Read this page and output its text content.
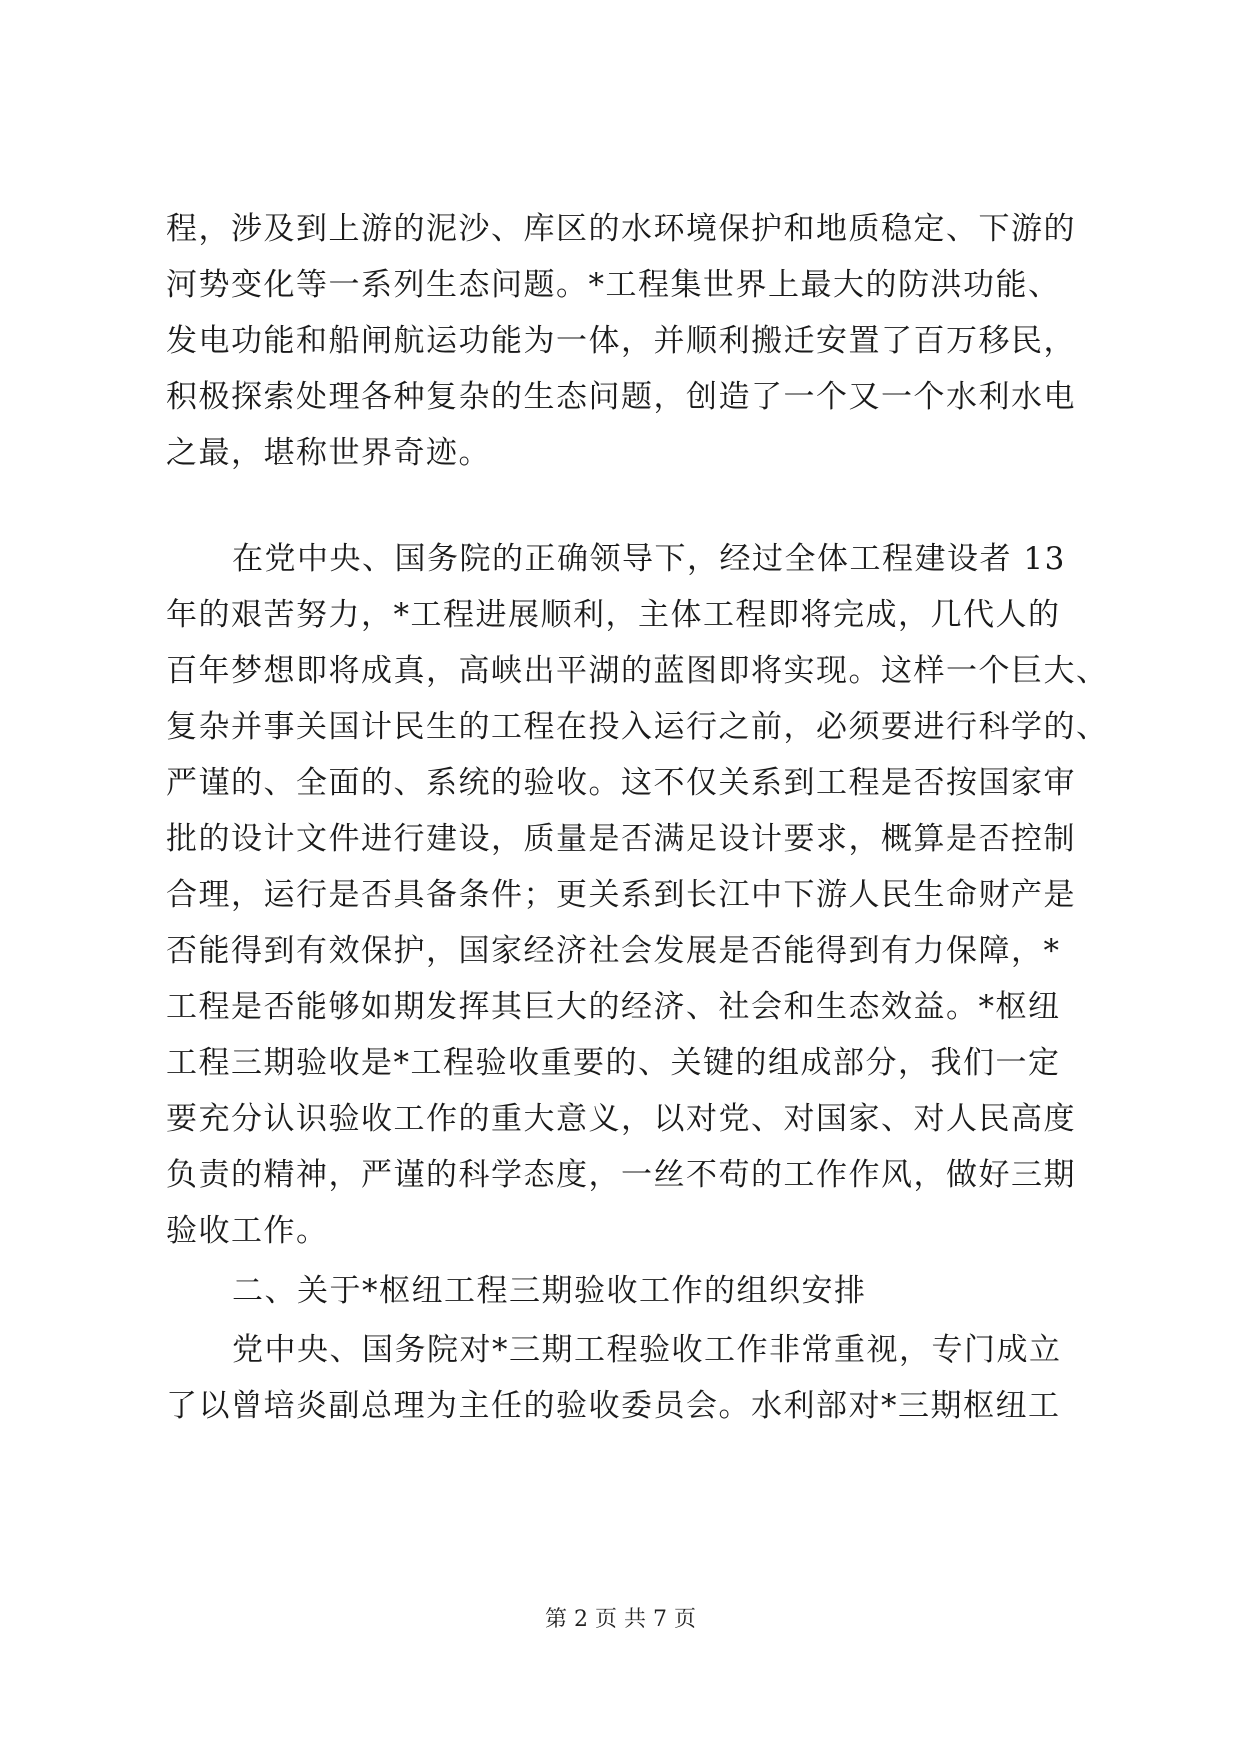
程，涉及到上游的泥沙、库区的水环境保护和地质稳定、下游的
河势变化等一系列生态问题。*工程集世界上最大的防洪功能、
发电功能和船闸航运功能为一体，并顺利搬迁安置了百万移民，
积极探索处理各种复杂的生态问题，创造了一个又一个水利水电
之最，堪称世界奇迹。
在党中央、国务院的正确领导下，经过全体工程建设者 13
年的艰苦努力，*工程进展顺利，主体工程即将完成，几代人的
百年梦想即将成真，高峡出平湖的蓝图即将实现。这样一个巨大、
复杂并事关国计民生的工程在投入运行之前，必须要进行科学的、
严谨的、全面的、系统的验收。这不仅关系到工程是否按国家审
批的设计文件进行建设，质量是否满足设计要求，概算是否控制
合理，运行是否具备条件；更关系到长江中下游人民生命财产是
否能得到有效保护，国家经济社会发展是否能得到有力保障，*
工程是否能够如期发挥其巨大的经济、社会和生态效益。*枢纽
工程三期验收是*工程验收重要的、关键的组成部分，我们一定
要充分认识验收工作的重大意义，以对党、对国家、对人民高度
负责的精神，严谨的科学态度，一丝不苟的工作作风，做好三期
验收工作。
二、关于*枢纽工程三期验收工作的组织安排
党中央、国务院对*三期工程验收工作非常重视，专门成立
了以曾培炎副总理为主任的验收委员会。水利部对*三期枢纽工
第 2 页 共 7 页
